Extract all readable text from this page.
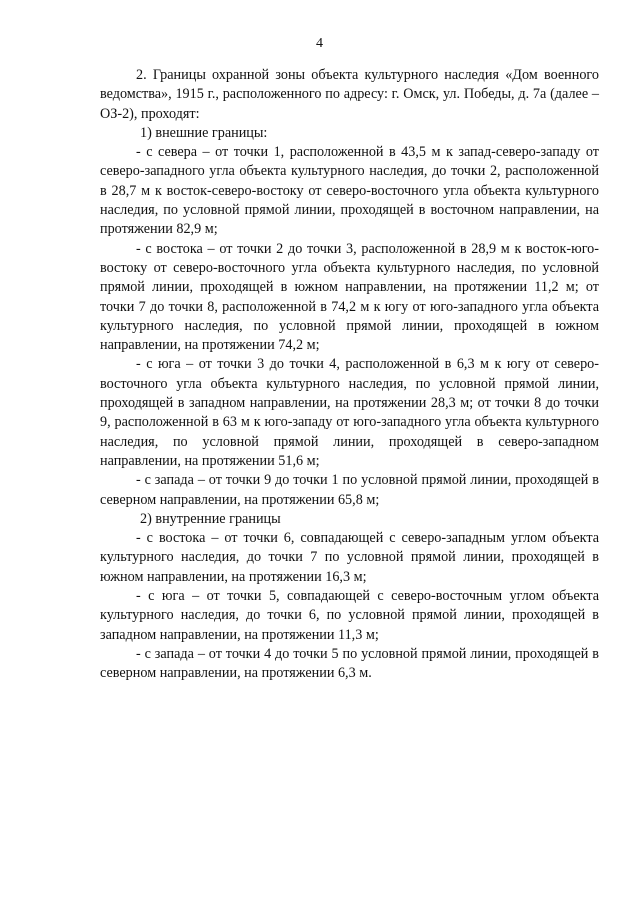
4

2. Границы охранной зоны объекта культурного наследия «Дом военного ведомства», 1915 г., расположенного по адресу: г. Омск, ул. Победы, д. 7а (далее – ОЗ-2), проходят:

1) внешние границы:

- с севера – от точки 1, расположенной в 43,5 м к запад-северо-западу от северо-западного угла объекта культурного наследия, до точки 2, расположенной в 28,7 м к восток-северо-востоку от северо-восточного угла объекта культурного наследия, по условной прямой линии, проходящей в восточном направлении, на протяжении 82,9 м;

- с востока – от точки 2 до точки 3, расположенной в 28,9 м к восток-юго-востоку от северо-восточного угла объекта культурного наследия, по условной прямой линии, проходящей в южном направлении, на протяжении 11,2 м; от точки 7 до точки 8, расположенной в 74,2 м к югу от юго-западного угла объекта культурного наследия, по условной прямой линии, проходящей в южном направлении, на протяжении 74,2 м;

- с юга – от точки 3 до точки 4, расположенной в 6,3 м к югу от северо-восточного угла объекта культурного наследия, по условной прямой линии, проходящей в западном направлении, на протяжении 28,3 м; от точки 8 до точки 9, расположенной в 63 м к юго-западу от юго-западного угла объекта культурного наследия, по условной прямой линии, проходящей в северо-западном направлении, на протяжении 51,6 м;

- с запада – от точки 9 до точки 1 по условной прямой линии, проходящей в северном направлении, на протяжении 65,8 м;

2) внутренние границы

- с востока – от точки 6, совпадающей с северо-западным углом объекта культурного наследия, до точки 7 по условной прямой линии, проходящей в южном направлении, на протяжении 16,3 м;

- с юга – от точки 5, совпадающей с северо-восточным углом объекта культурного наследия, до точки 6, по условной прямой линии, проходящей в западном направлении, на протяжении 11,3 м;

- с запада – от точки 4 до точки 5 по условной прямой линии, проходящей в северном направлении, на протяжении 6,3 м.
